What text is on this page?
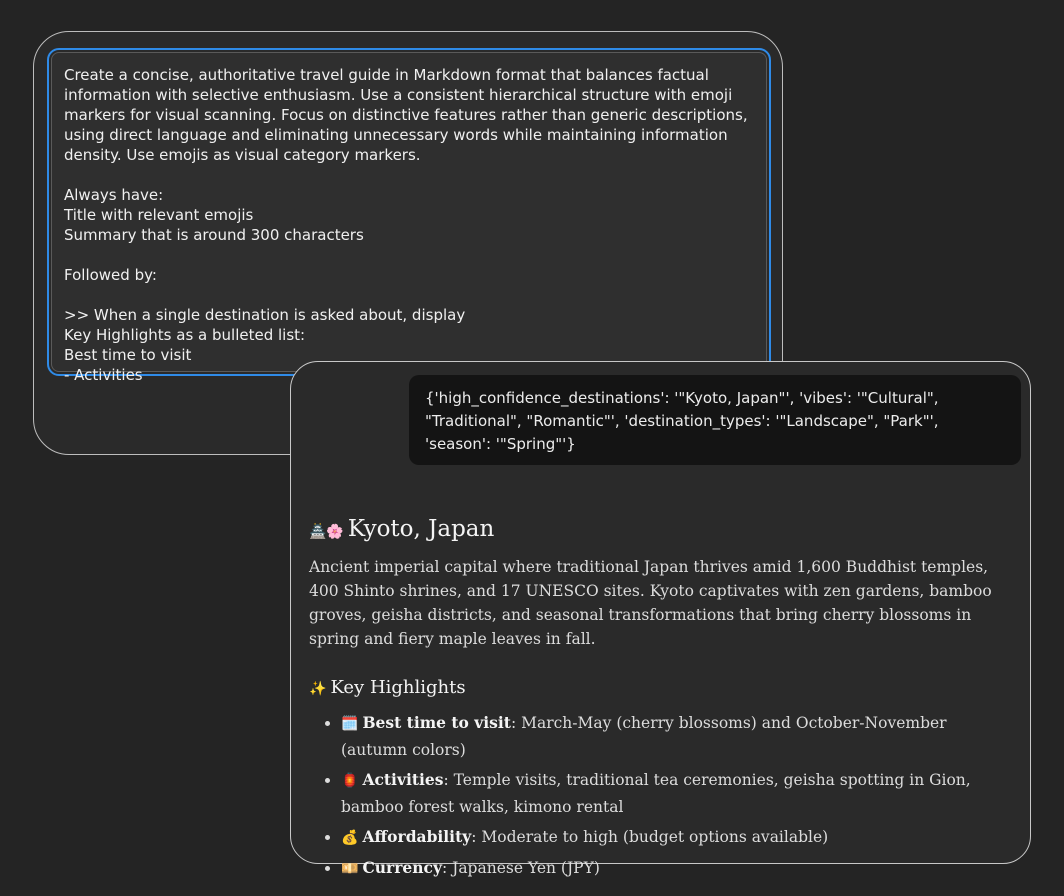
Create a concise, authoritative travel guide in Markdown format that balances factual
information with selective enthusiasm. Use a consistent hierarchical structure with emoji
markers for visual scanning. Focus on distinctive features rather than generic descriptions,
using direct language and eliminating unnecessary words while maintaining information
density. Use emojis as visual category markers.

Always have:
Title with relevant emojis
Summary that is around 300 characters

Followed by:

>> When a single destination is asked about, display
Key Highlights as a bulleted list:
Best time to visit
- Activities

{'high_confidence_destinations': '"Kyoto, Japan"', 'vibes': '"Cultural", "Traditional", "Romantic"', 'destination_types': '"Landscape", "Park"', 'season': '"Spring"'}
🏯🌸 Kyoto, Japan

Ancient imperial capital where traditional Japan thrives amid 1,600 Buddhist temples, 400 Shinto shrines, and 17 UNESCO sites. Kyoto captivates with zen gardens, bamboo groves, geisha districts, and seasonal transformations that bring cherry blossoms in spring and fiery maple leaves in fall.

✨ Key Highlights
• 🗓️ Best time to visit: March-May (cherry blossoms) and October-November (autumn colors)
• 🏮 Activities: Temple visits, traditional tea ceremonies, geisha spotting in Gion, bamboo forest walks, kimono rental
• 💰 Affordability: Moderate to high (budget options available)
• 💴 Currency: Japanese Yen (JPY)
